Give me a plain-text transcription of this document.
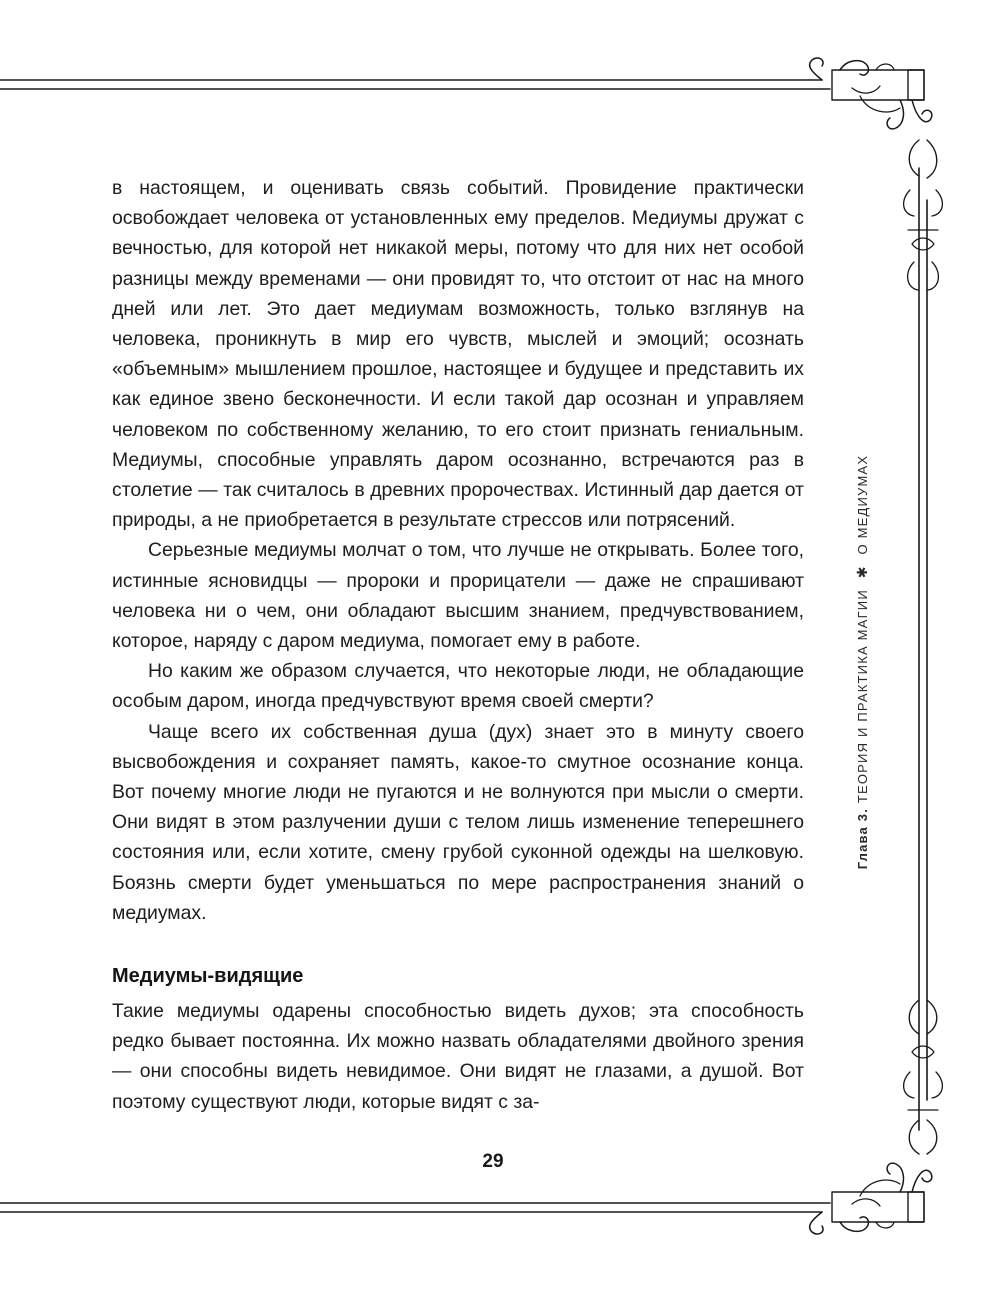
в настоящем, и оценивать связь событий. Провидение практически освобождает человека от установленных ему пределов. Медиумы дружат с вечностью, для которой нет никакой меры, потому что для них нет особой разницы между временами — они провидят то, что отстоит от нас на много дней или лет. Это дает медиумам возможность, только взглянув на человека, проникнуть в мир его чувств, мыслей и эмоций; осознать «объемным» мышлением прошлое, настоящее и будущее и представить их как единое звено бесконечности. И если такой дар осознан и управляем человеком по собственному желанию, то его стоит признать гениальным. Медиумы, способные управлять даром осознанно, встречаются раз в столетие — так считалось в древних пророчествах. Истинный дар дается от природы, а не приобретается в результате стрессов или потрясений.

Серьезные медиумы молчат о том, что лучше не открывать. Более того, истинные ясновидцы — пророки и прорицатели — даже не спрашивают человека ни о чем, они обладают высшим знанием, предчувствованием, которое, наряду с даром медиума, помогает ему в работе.

Но каким же образом случается, что некоторые люди, не обладающие особым даром, иногда предчувствуют время своей смерти?

Чаще всего их собственная душа (дух) знает это в минуту своего высвобождения и сохраняет память, какое-то смутное осознание конца. Вот почему многие люди не пугаются и не волнуются при мысли о смерти. Они видят в этом разлучении души с телом лишь изменение теперешнего состояния или, если хотите, смену грубой суконной одежды на шелковую. Боязнь смерти будет уменьшаться по мере распространения знаний о медиумах.

Медиумы-видящие

Такие медиумы одарены способностью видеть духов; эта способность редко бывает постоянна. Их можно назвать обладателями двойного зрения — они способны видеть невидимое. Они видят не глазами, а душой. Вот поэтому существуют люди, которые видят с за-

29
Глава 3. ТЕОРИЯ И ПРАКТИКА МАГИИ ✱ О МЕДИУМАХ
